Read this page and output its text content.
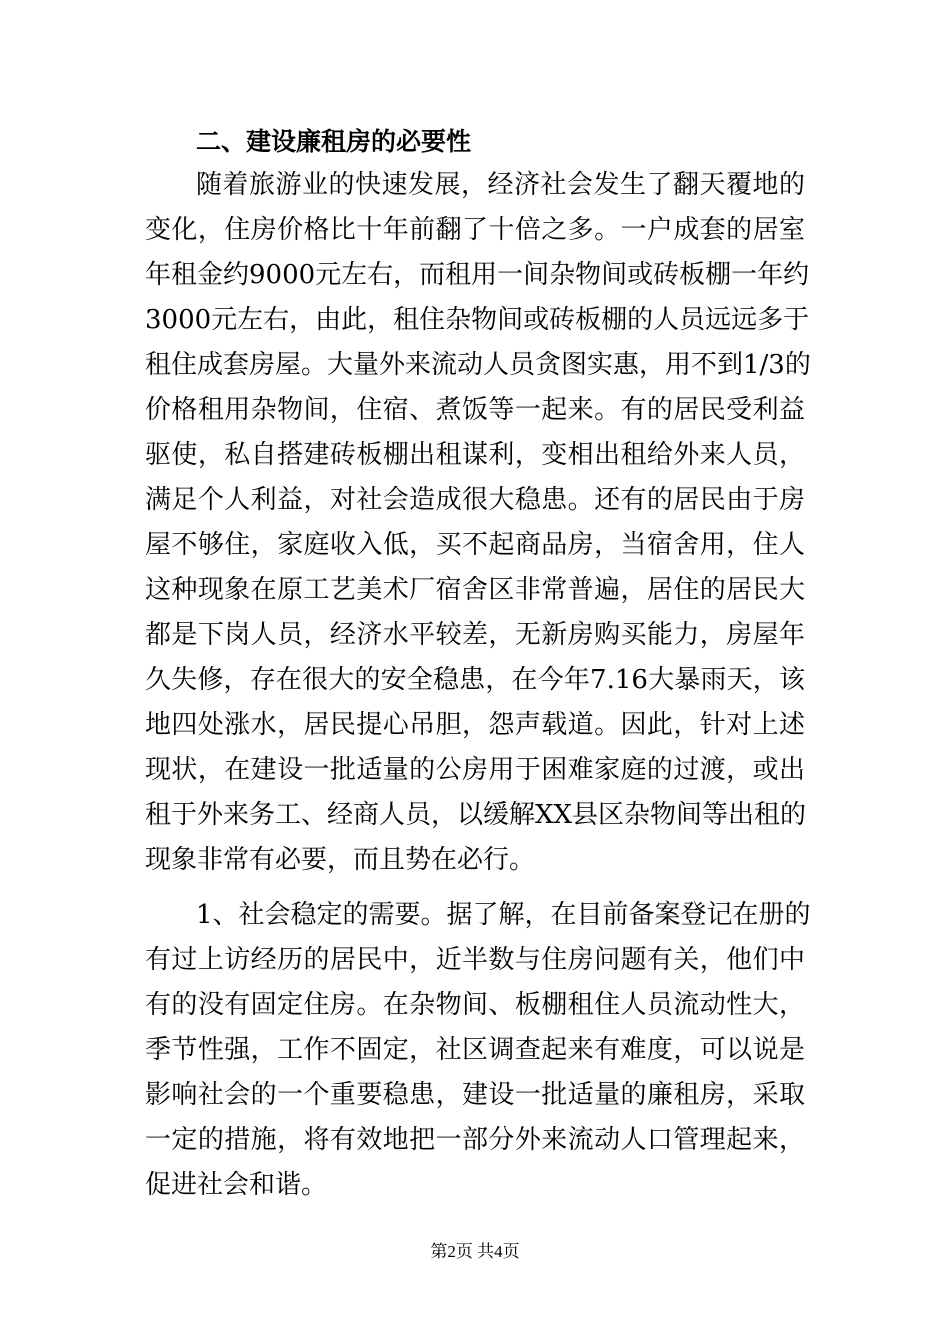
二、建设廉租房的必要性
随着旅游业的快速发展，经济社会发生了翻天覆地的
变化，住房价格比十年前翻了十倍之多。一户成套的居室
年租金约9000元左右，而租用一间杂物间或砖板棚一年约
3000元左右，由此，租住杂物间或砖板棚的人员远远多于
租住成套房屋。大量外来流动人员贪图实惠，用不到1/3的
价格租用杂物间，住宿、煮饭等一起来。有的居民受利益
驱使，私自搭建砖板棚出租谋利，变相出租给外来人员，
满足个人利益，对社会造成很大稳患。还有的居民由于房
屋不够住，家庭收入低，买不起商品房，当宿舍用，住人
这种现象在原工艺美术厂宿舍区非常普遍，居住的居民大
都是下岗人员，经济水平较差，无新房购买能力，房屋年
久失修，存在很大的安全稳患，在今年7.16大暴雨天，该
地四处涨水，居民提心吊胆，怨声载道。因此，针对上述
现状，在建设一批适量的公房用于困难家庭的过渡，或出
租于外来务工、经商人员，以缓解XX县区杂物间等出租的
现象非常有必要，而且势在必行。
1、社会稳定的需要。据了解，在目前备案登记在册的
有过上访经历的居民中，近半数与住房问题有关，他们中
有的没有固定住房。在杂物间、板棚租住人员流动性大，
季节性强，工作不固定，社区调查起来有难度，可以说是
影响社会的一个重要稳患，建设一批适量的廉租房，采取
一定的措施，将有效地把一部分外来流动人口管理起来，
促进社会和谐。
第2页 共4页
